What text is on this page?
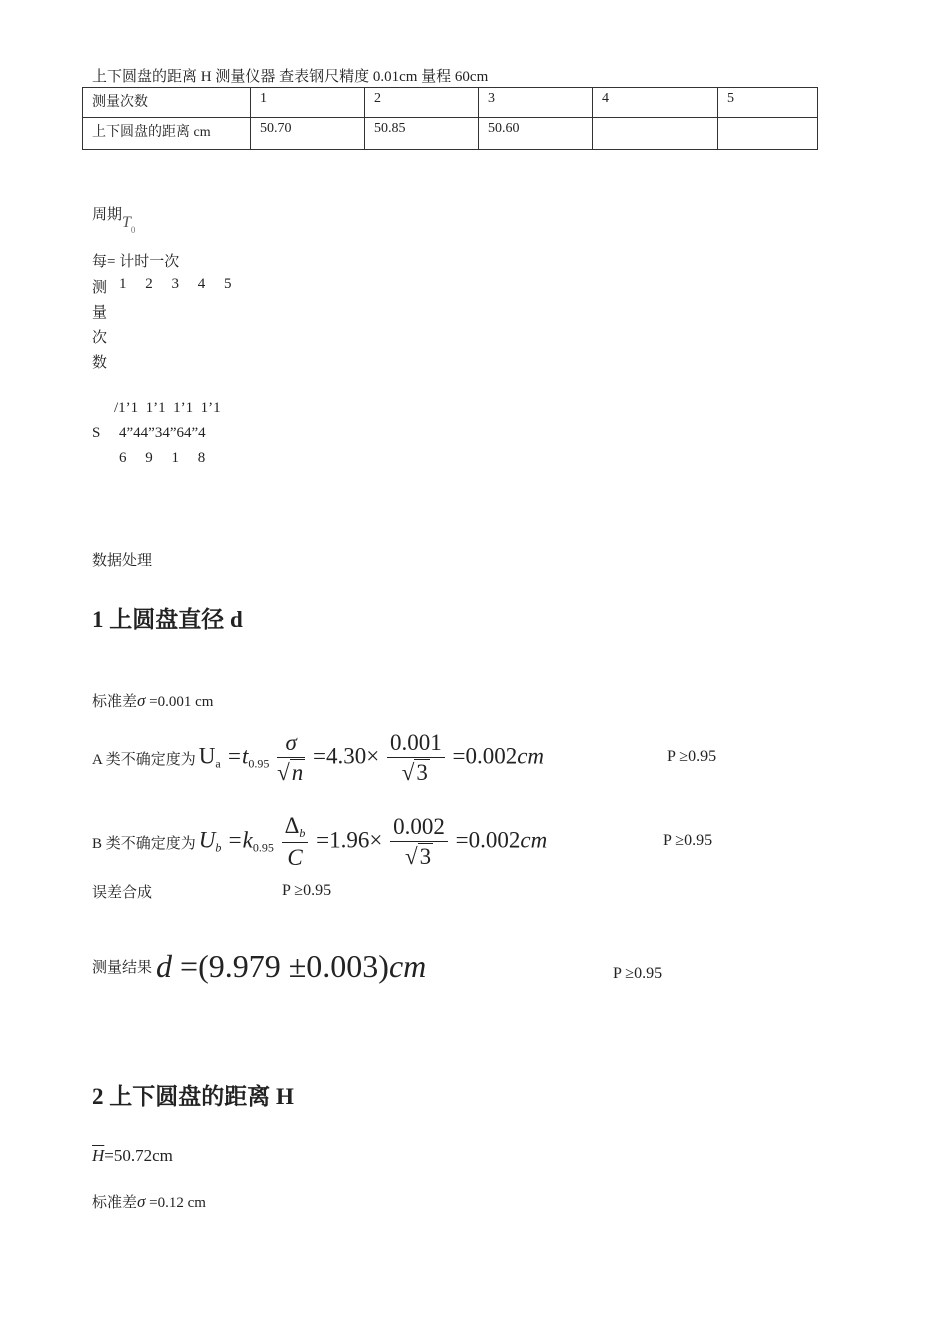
上下圆盘的距离 H 测量仪器 查表钢尺精度 0.01cm 量程 60cm
测量次数	1	2	3	4	5
上下圆盘的距离 cm	50.70	50.85	50.60		
周期$T_0$
每= 计时一次
测
量
次
数
1     2     3     4     5
/1’1  1’1  1’1  1’1
S 4”44”34”64”4
6     9     1     8
数据处理
1 上圆盘直径 d
标准差σ =0.001 cm
A 类不确定度为 $U_a =t_{0.95} \frac{\sigma}{√n} =4.30\times \frac{0.001}{√3} =0.002cm$	P ≥0.95
B 类不确定度为 $U_b =k_{0.95} \frac{\Delta_b}{C} =1.96\times \frac{0.002}{√3} =0.002cm$	P ≥0.95
误差合成	P ≥0.95
测量结果 d =(9.979 ±0.003)cm	P ≥0.95
2 上下圆盘的距离 H
$\overline{H}=50.72cm$
标准差σ =0.12 cm
